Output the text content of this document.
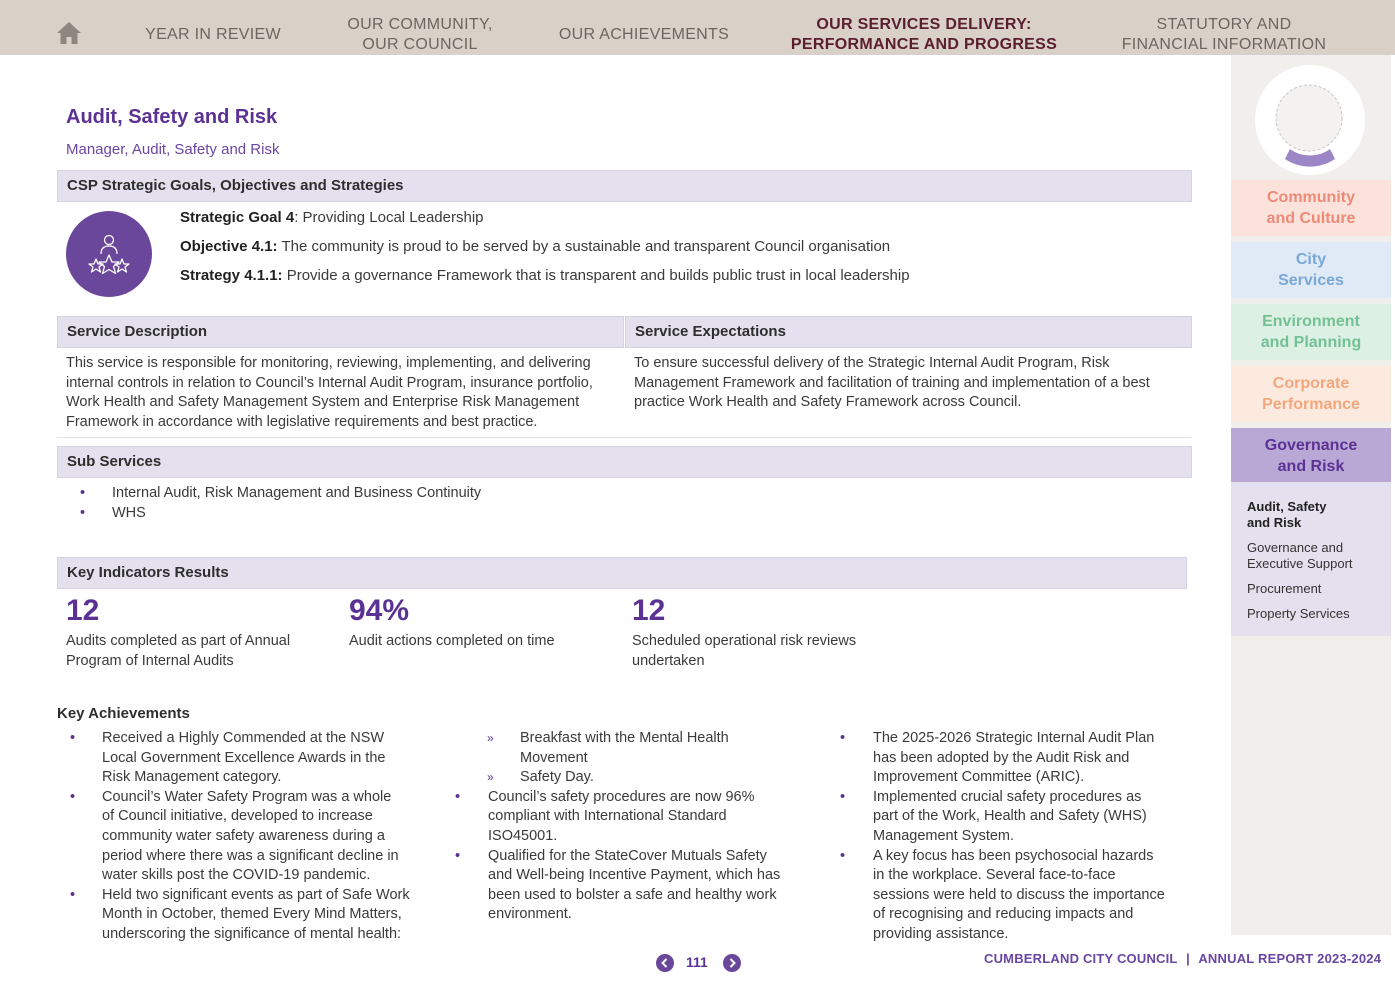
YEAR IN REVIEW
OUR COMMUNITY,
OUR COUNCIL
OUR ACHIEVEMENTS
OUR SERVICES DELIVERY:
PERFORMANCE AND PROGRESS
STATUTORY AND
FINANCIAL INFORMATION
Audit, Safety and Risk
Manager, Audit, Safety and Risk
CSP Strategic Goals, Objectives and Strategies
Strategic Goal 4: Providing Local Leadership
Objective 4.1: The community is proud to be served by a sustainable and transparent Council organisation
Strategy 4.1.1: Provide a governance Framework that is transparent and builds public trust in local leadership
Service Description	Service Expectations
This service is responsible for monitoring, reviewing, implementing, and delivering
internal controls in relation to Council’s Internal Audit Program, insurance portfolio,
Work Health and Safety Management System and Enterprise Risk Management
Framework in accordance with legislative requirements and best practice.
To ensure successful delivery of the Strategic Internal Audit Program, Risk
Management Framework and facilitation of training and implementation of a best
practice Work Health and Safety Framework across Council.
Sub Services
• Internal Audit, Risk Management and Business Continuity
• WHS
Key Indicators Results
12
Audits completed as part of Annual
Program of Internal Audits
94%
Audit actions completed on time
12
Scheduled operational risk reviews
undertaken
Key Achievements
• Received a Highly Commended at the NSW
Local Government Excellence Awards in the
Risk Management category.
• Council’s Water Safety Program was a whole
of Council initiative, developed to increase
community water safety awareness during a
period where there was a significant decline in
water skills post the COVID-19 pandemic.
• Held two significant events as part of Safe Work
Month in October, themed Every Mind Matters,
underscoring the significance of mental health:
» Breakfast with the Mental Health
Movement
» Safety Day.
• Council’s safety procedures are now 96%
compliant with International Standard
ISO45001.
• Qualified for the StateCover Mutuals Safety
and Well-being Incentive Payment, which has
been used to bolster a safe and healthy work
environment.
• The 2025-2026 Strategic Internal Audit Plan
has been adopted by the Audit Risk and
Improvement Committee (ARIC).
• Implemented crucial safety procedures as
part of the Work, Health and Safety (WHS)
Management System.
• A key focus has been psychosocial hazards
in the workplace. Several face-to-face
sessions were held to discuss the importance
of recognising and reducing impacts and
providing assistance.
Community
and Culture
City
Services
Environment
and Planning
Corporate
Performance
Governance
and Risk
Audit, Safety
and Risk
Governance and
Executive Support
Procurement
Property Services
111	CUMBERLAND CITY COUNCIL | ANNUAL REPORT 2023-2024
